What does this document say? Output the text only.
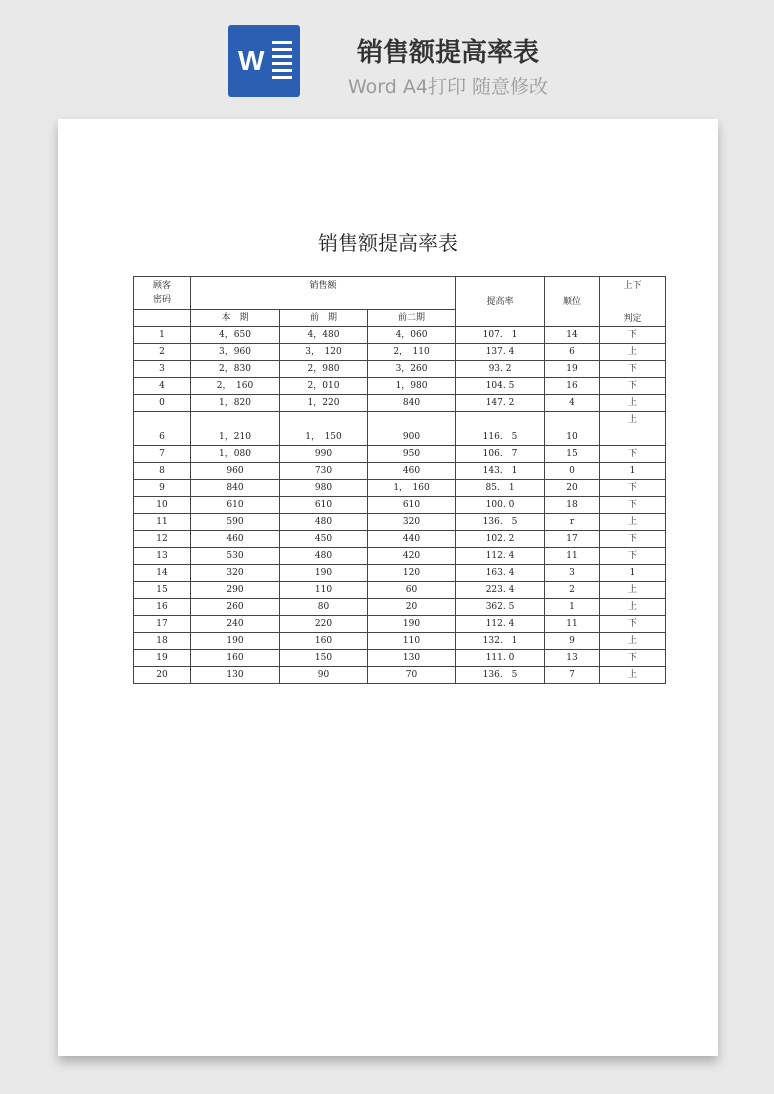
W	销售额提高率表
Word A4打印 随意修改
销售额提高率表
顾客
密码	销售额			提高率	顺位	上下
	本　期	前　期	前二期			判定

1	4，650	4，480	4，060	107.　1	14	下
2	3，960	3，　120	2，　110	137. 4	6	上
3	2，830	2，980	3，260	93. 2	19	下
4	2，　160	2，010	1，980	104. 5	16	下
0	1，820	1，220	840	147. 2	4	上
6	1，210	1，　150	900	116.　5	10	上
7	1，080	990	950	106.　7	15	下
8	960	730	460	143.　1	0	1
9	840	980	1，　160	85.　1	20	下
10	610	610	610	100. 0	18	下
11	590	480	320	136.　5	r	上
12	460	450	440	102. 2	17	下
13	530	480	420	112. 4	11	下
14	320	190	120	163. 4	3	1
15	290	110	60	223. 4	2	上
16	260	80	20	362. 5	1	上
17	240	220	190	112. 4	11	下
18	190	160	110	132.　1	9	上
19	160	150	130	111. 0	13	下
20	130	90	70	136.　5	7	上
